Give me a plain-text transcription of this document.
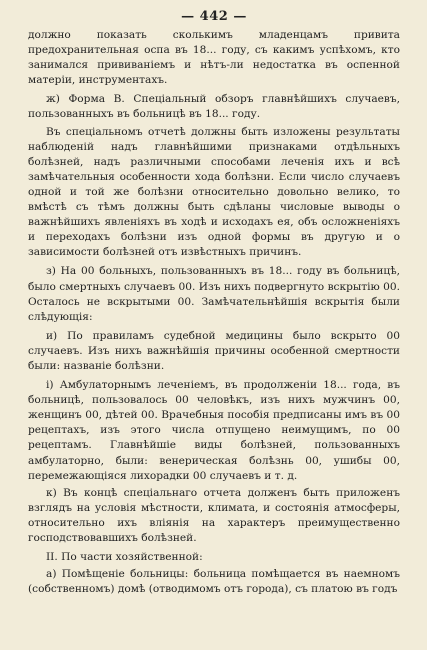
— 442 —

должно показать сколькимъ младенцамъ привита предохранительная оспа въ 18... году, съ какимъ успѣхомъ, кто занимался прививаніемъ и нѣтъ-ли недостатка въ оспенной матеріи, инструментахъ.

ж) Форма В. Спеціальный обзоръ главнѣйшихъ случаевъ, пользованныхъ въ больницѣ въ 18... году.

Въ спеціальномъ отчетѣ должны быть изложены результаты наблюденій надъ главнѣйшими признаками отдѣльныхъ болѣзней, надъ различными способами леченія ихъ и всѣ замѣчательныя особенности хода болѣзни. Если число случаевъ одной и той же болѣзни относительно довольно велико, то вмѣстѣ съ тѣмъ должны быть сдѣланы числовые выводы о важнѣйшихъ явленіяхъ въ ходѣ и исходахъ ея, объ осложненіяхъ и переходахъ болѣзни изъ одной формы въ другую и о зависимости болѣзней отъ извѣстныхъ причинъ.

з) На 00 больныхъ, пользованныхъ въ 18... году въ больницѣ, было смертныхъ случаевъ 00. Изъ нихъ подвергнуто вскрытію 00. Осталось не вскрытыми 00. Замѣчательнѣйшія вскрытія были слѣдующія:

и) По правиламъ судебной медицины было вскрыто 00 случаевъ. Изъ нихъ важнѣйшія причины особенной смертности были: названіе болѣзни.

і) Амбулаторнымъ леченіемъ, въ продолженіи 18... года, въ больницѣ, пользовалось 00 человѣкъ, изъ нихъ мужчинъ 00, женщинъ 00, дѣтей 00. Врачебныя пособія предписаны имъ въ 00 рецептахъ, изъ этого числа отпущено неимущимъ, по 00 рецептамъ. Главнѣйшіе виды болѣзней, пользованныхъ амбулаторно, были: венерическая болѣзнь 00, ушибы 00, перемежающіяся лихорадки 00 случаевъ и т. д.

к) Въ концѣ спеціальнаго отчета долженъ быть приложенъ взглядъ на условія мѣстности, климата, и состоянія атмосферы, относительно ихъ вліянія на характеръ преимущественно господствовавшихъ болѣзней.

II. По части хозяйственной:

а) Помѣщеніе больницы: больница помѣщается въ наемномъ (собственномъ) домѣ (отводимомъ отъ города), съ платою въ годъ
